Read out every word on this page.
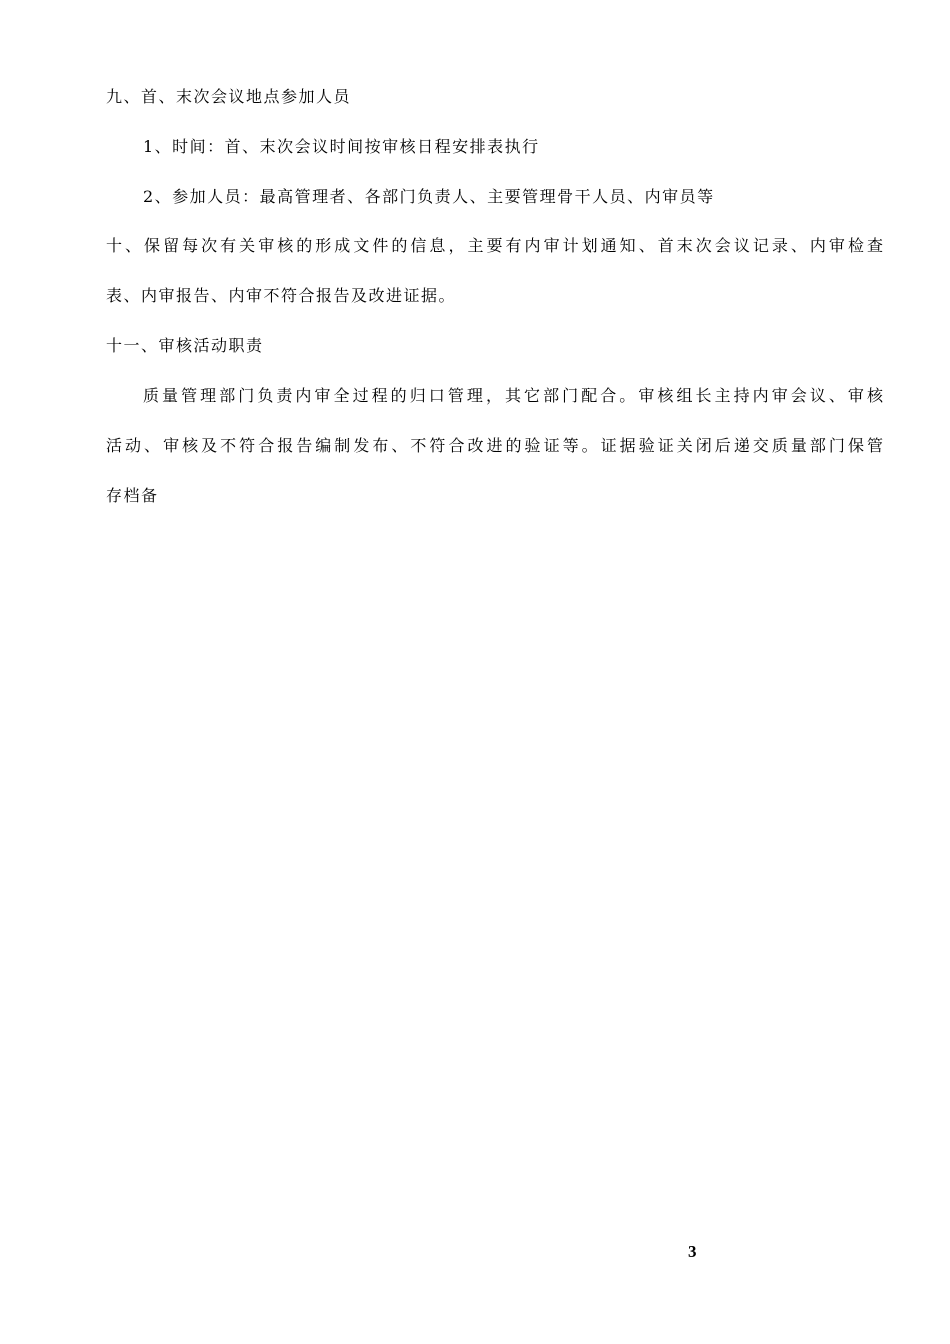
九、首、末次会议地点参加人员
1、时间：首、末次会议时间按审核日程安排表执行
2、参加人员：最高管理者、各部门负责人、主要管理骨干人员、内审员等
十、保留每次有关审核的形成文件的信息，主要有内审计划通知、首末次会议记录、内审检查
表、内审报告、内审不符合报告及改进证据。
十一、审核活动职责
质量管理部门负责内审全过程的归口管理，其它部门配合。审核组长主持内审会议、审核
活动、审核及不符合报告编制发布、不符合改进的验证等。证据验证关闭后递交质量部门保管
存档备
3
